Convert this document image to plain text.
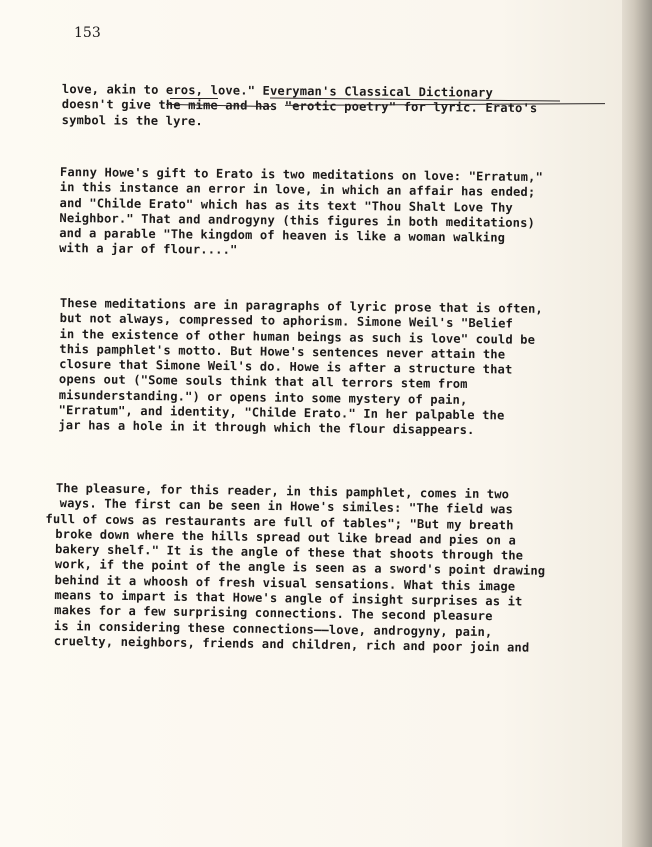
153
love, akin to eros, love." Everyman's Classical Dictionary
doesn't give the mime and has "erotic poetry" for lyric. Erato's
symbol is the lyre.
Fanny Howe's gift to Erato is two meditations on love: "Erratum,"
in this instance an error in love, in which an affair has ended;
and "Childe Erato" which has as its text "Thou Shalt Love Thy
Neighbor." That and androgyny (this figures in both meditations)
and a parable "The kingdom of heaven is like a woman walking
with a jar of flour...."
These meditations are in paragraphs of lyric prose that is often,
but not always, compressed to aphorism. Simone Weil's "Belief
in the existence of other human beings as such is love" could be
this pamphlet's motto. But Howe's sentences never attain the
closure that Simone Weil's do. Howe is after a structure that
opens out ("Some souls think that all terrors stem from
misunderstanding.") or opens into some mystery of pain,
"Erratum", and identity, "Childe Erato." In her palpable the
jar has a hole in it through which the flour disappears.
The pleasure, for this reader, in this pamphlet, comes in two
ways. The first can be seen in Howe's similes: "The field was
full of cows as restaurants are full of tables"; "But my breath
broke down where the hills spread out like bread and pies on a
bakery shelf." It is the angle of these that shoots through the
work, if the point of the angle is seen as a sword's point drawing
behind it a whoosh of fresh visual sensations. What this image
means to impart is that Howe's angle of insight surprises as it
makes for a few surprising connections. The second pleasure
is in considering these connections——love, androgyny, pain,
cruelty, neighbors, friends and children, rich and poor join and
